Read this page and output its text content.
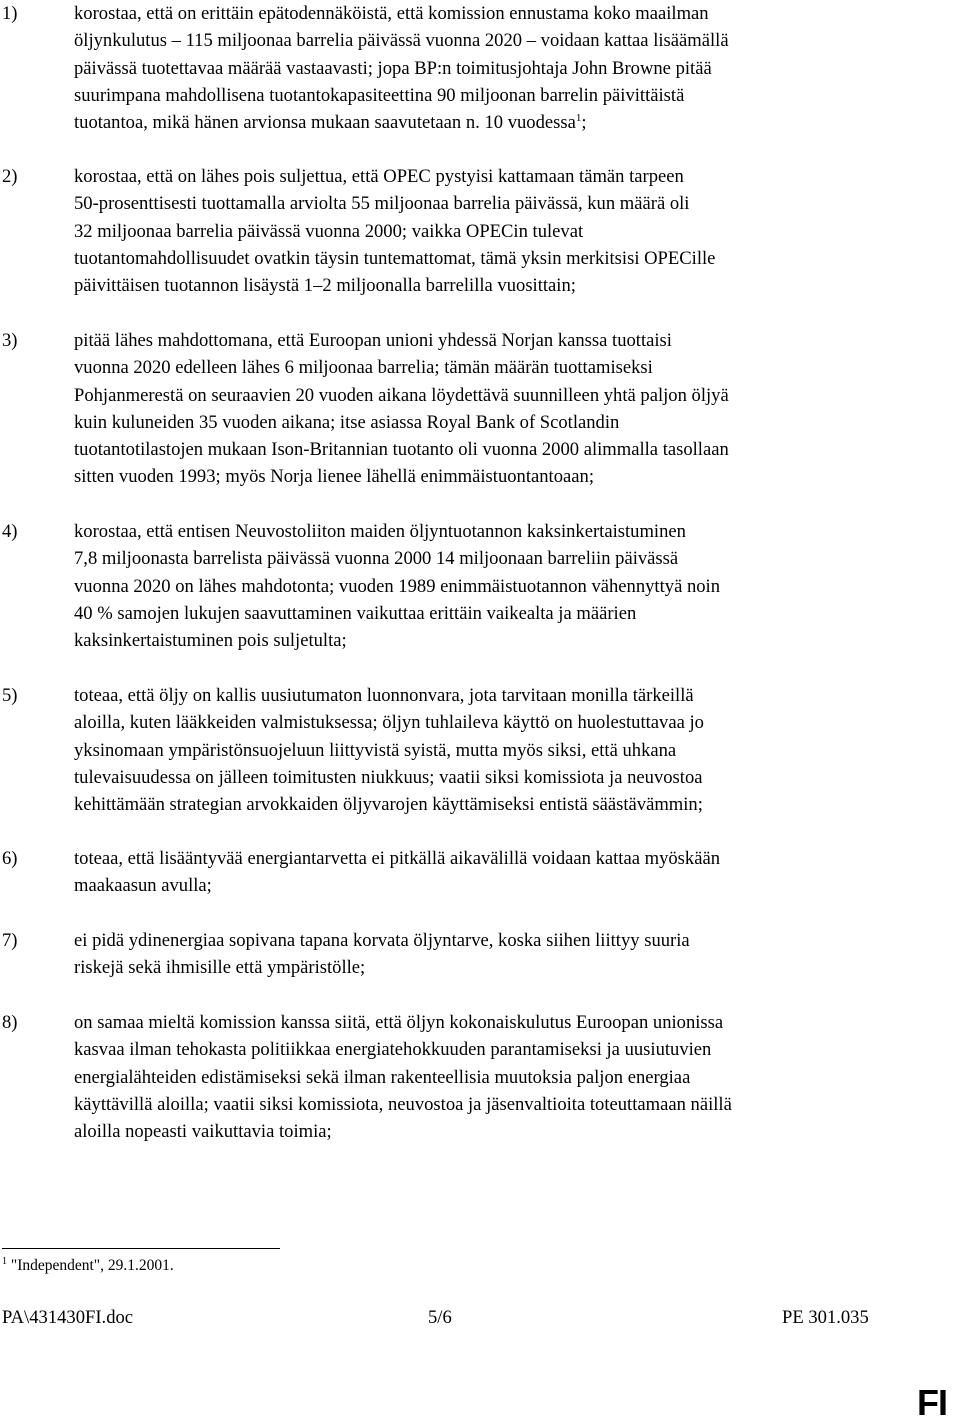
1)	korostaa, että on erittäin epätodennäköistä, että komission ennustama koko maailman
öljynkulutus – 115 miljoonaa barrelia päivässä vuonna 2020 – voidaan kattaa lisäämällä
päivässä tuotettavaa määrää vastaavasti; jopa BP:n toimitusjohtaja John Browne pitää
suurimpana mahdollisena tuotantokapasiteettina 90 miljoonan barrelin päivittäistä
tuotantoa, mikä hänen arvionsa mukaan saavutetaan n. 10 vuodessa$^1$;
2)	korostaa, että on lähes pois suljettua, että OPEC pystyisi kattamaan tämän tarpeen
50-prosenttisesti tuottamalla arviolta 55 miljoonaa barrelia päivässä, kun määrä oli
32 miljoonaa barrelia päivässä vuonna 2000; vaikka OPECin tulevat
tuotantomahdollisuudet ovatkin täysin tuntemattomat, tämä yksin merkitsisi OPECille
päivittäisen tuotannon lisäystä 1–2 miljoonalla barrelilla vuosittain;
3)	pitää lähes mahdottomana, että Euroopan unioni yhdessä Norjan kanssa tuottaisi
vuonna 2020 edelleen lähes 6 miljoonaa barrelia; tämän määrän tuottamiseksi
Pohjanmerestä on seuraavien 20 vuoden aikana löydettävä suunnilleen yhtä paljon öljyä
kuin kuluneiden 35 vuoden aikana; itse asiassa Royal Bank of Scotlandin
tuotantotilastojen mukaan Ison-Britannian tuotanto oli vuonna 2000 alimmalla tasollaan
sitten vuoden 1993; myös Norja lienee lähellä enimmäistuontantoaan;
4)	korostaa, että entisen Neuvostoliiton maiden öljyntuotannon kaksinkertaistuminen
7,8 miljoonasta barrelista päivässä vuonna 2000 14 miljoonaan barreliin päivässä
vuonna 2020 on lähes mahdotonta; vuoden 1989 enimmäistuotannon vähennyttyä noin
40 % samojen lukujen saavuttaminen vaikuttaa erittäin vaikealta ja määrien
kaksinkertaistuminen pois suljetulta;
5)	toteaa, että öljy on kallis uusiutumaton luonnonvara, jota tarvitaan monilla tärkeillä
aloilla, kuten lääkkeiden valmistuksessa; öljyn tuhlaileva käyttö on huolestuttavaa jo
yksinomaan ympäristönsuojeluun liittyvistä syistä, mutta myös siksi, että uhkana
tulevaisuudessa on jälleen toimitusten niukkuus; vaatii siksi komissiota ja neuvostoa
kehittämään strategian arvokkaiden öljyvarojen käyttämiseksi entistä säästävämmin;
6)	toteaa, että lisääntyvää energiantarvetta ei pitkällä aikavälillä voidaan kattaa myöskään
maakaasun avulla;
7)	ei pidä ydinenergiaa sopivana tapana korvata öljyntarve, koska siihen liittyy suuria
riskejä sekä ihmisille että ympäristölle;
8)	on samaa mieltä komission kanssa siitä, että öljyn kokonaiskulutus Euroopan unionissa
kasvaa ilman tehokasta politiikkaa energiatehokkuuden parantamiseksi ja uusiutuvien
energialähteiden edistämiseksi sekä ilman rakenteellisia muutoksia paljon energiaa
käyttävillä aloilla; vaatii siksi komissiota, neuvostoa ja jäsenvaltioita toteuttamaan näillä
aloilla nopeasti vaikuttavia toimia;
$^1$ "Independent", 29.1.2001.
PA\431430FI.doc	5/6	PE 301.035
FI
